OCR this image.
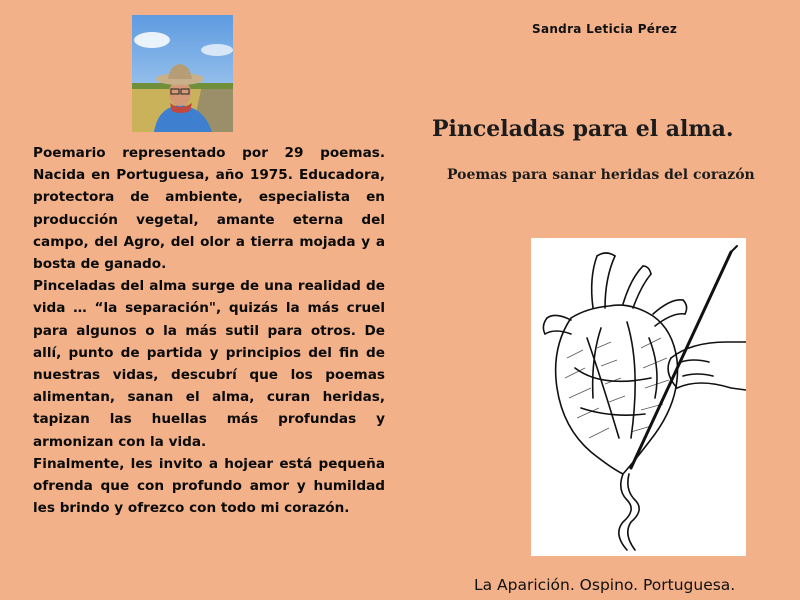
Poemario representado por 29 poemas. Nacida en Portuguesa, año 1975. Educadora, protectora de ambiente, especialista en producción vegetal, amante eterna del campo, del Agro, del olor a tierra mojada y a bosta de ganado.

Pinceladas del alma surge de una realidad de vida … “la separación", quizás la más cruel para algunos o la más sutil para otros. De allí, punto de partida y principios del fin de nuestras vidas, descubrí que los poemas alimentan, sanan el alma, curan heridas, tapizan las huellas más profundas y armonizan con la vida.

Finalmente, les invito a hojear está pequeña ofrenda que con profundo amor y humildad les brindo y ofrezco con todo mi corazón.

Sandra Leticia Pérez
Pinceladas para el alma.
Poemas para sanar heridas del corazón
La Aparición. Ospino. Portuguesa.
